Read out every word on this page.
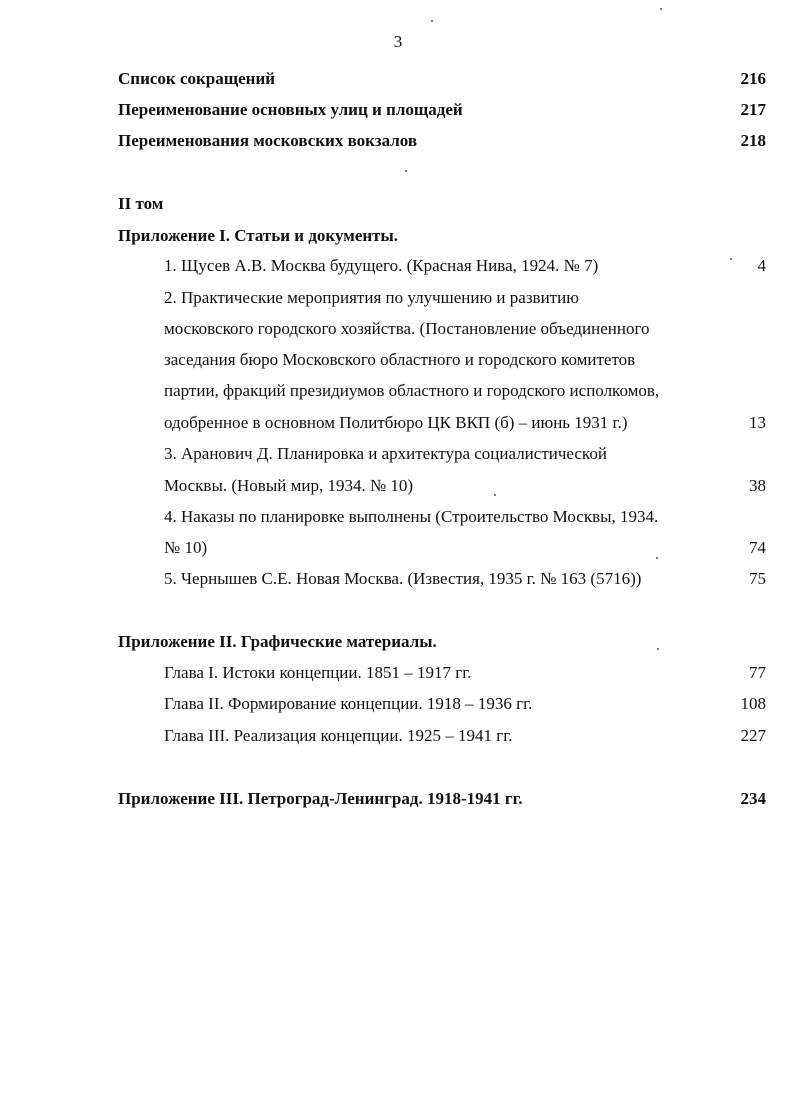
3
Список сокращений	216
Переименование основных улиц и площадей	217
Переименования московских вокзалов	218
II том
Приложение I. Статьи и документы.
1. Щусев А.В. Москва будущего. (Красная Нива, 1924. № 7)	4
2. Практические мероприятия по улучшению и развитию
московского городского хозяйства. (Постановление объединенного
заседания бюро Московского областного и городского комитетов
партии, фракций президиумов областного и городского исполкомов,
одобренное в основном Политбюро ЦК ВКП (б) – июнь 1931 г.)	13
3. Аранович Д. Планировка и архитектура социалистической
Москвы. (Новый мир, 1934. № 10)	38
4. Наказы по планировке выполнены (Строительство Москвы, 1934.
№ 10)	74
5. Чернышев С.Е. Новая Москва. (Известия, 1935 г. № 163 (5716))	75
Приложение II. Графические материалы.
Глава I. Истоки концепции. 1851 – 1917 гг.	77
Глава II. Формирование концепции. 1918 – 1936 гг.	108
Глава III. Реализация концепции. 1925 – 1941 гг.	227
Приложение III. Петроград-Ленинград. 1918-1941 гг.	234
